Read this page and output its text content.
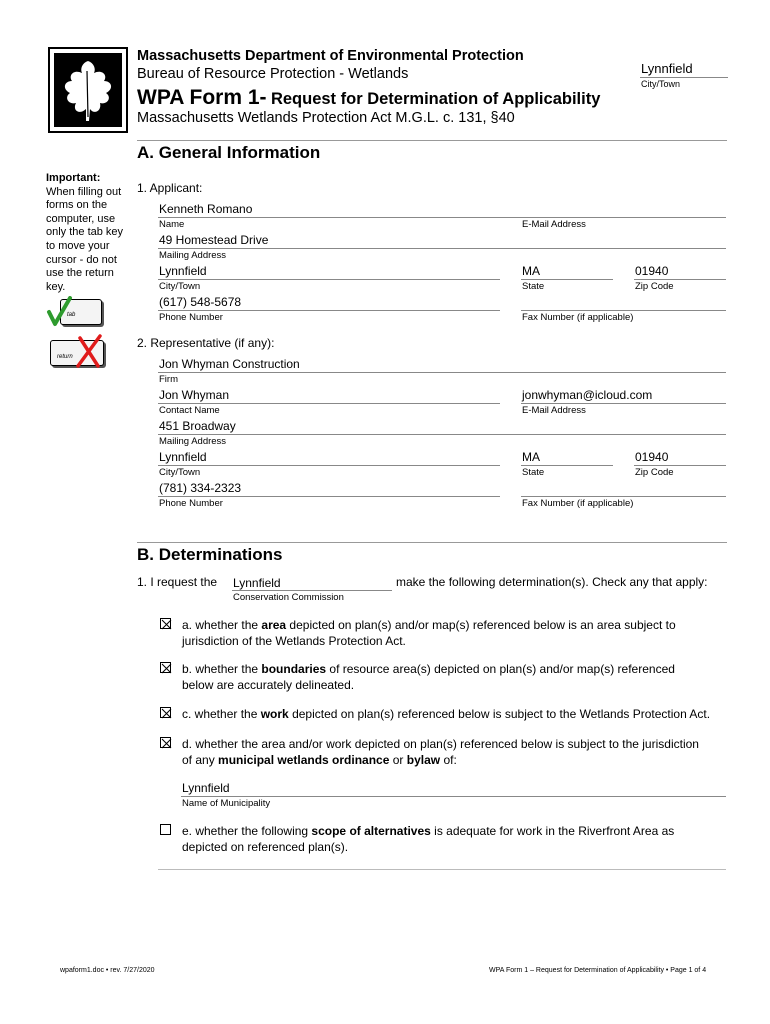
Massachusetts Department of Environmental Protection
Bureau of Resource Protection - Wetlands
WPA Form 1- Request for Determination of Applicability
Massachusetts Wetlands Protection Act M.G.L. c. 131, §40
Lynnfield
City/Town
Important:
When filling out
forms on the
computer, use
only the tab key
to move your
cursor - do not
use the return
key.
tab
return
A. General Information
1. Applicant:
Kenneth Romano
Name	E-Mail Address
49 Homestead Drive
Mailing Address
Lynnfield
City/Town
MA
State
01940
Zip Code
(617) 548-5678
Phone Number	Fax Number (if applicable)
2. Representative (if any):
Jon Whyman Construction
Firm
Jon Whyman
Contact Name
jonwhyman@icloud.com
E-Mail Address
451 Broadway
Mailing Address
Lynnfield
City/Town
MA
State
01940
Zip Code
(781) 334-2323
Phone Number	Fax Number (if applicable)
B. Determinations
1. I request the Lynnfield	make the following determination(s). Check any that apply:
Conservation Commission
a. whether the area depicted on plan(s) and/or map(s) referenced below is an area subject to
jurisdiction of the Wetlands Protection Act.
b. whether the boundaries of resource area(s) depicted on plan(s) and/or map(s) referenced
below are accurately delineated.
c. whether the work depicted on plan(s) referenced below is subject to the Wetlands Protection Act.
d. whether the area and/or work depicted on plan(s) referenced below is subject to the jurisdiction
of any municipal wetlands ordinance or bylaw of:
Lynnfield
Name of Municipality
e. whether the following scope of alternatives is adequate for work in the Riverfront Area as
depicted on referenced plan(s).
wpaform1.doc • rev. 7/27/2020	WPA Form 1 – Request for Determination of Applicability • Page 1 of 4
